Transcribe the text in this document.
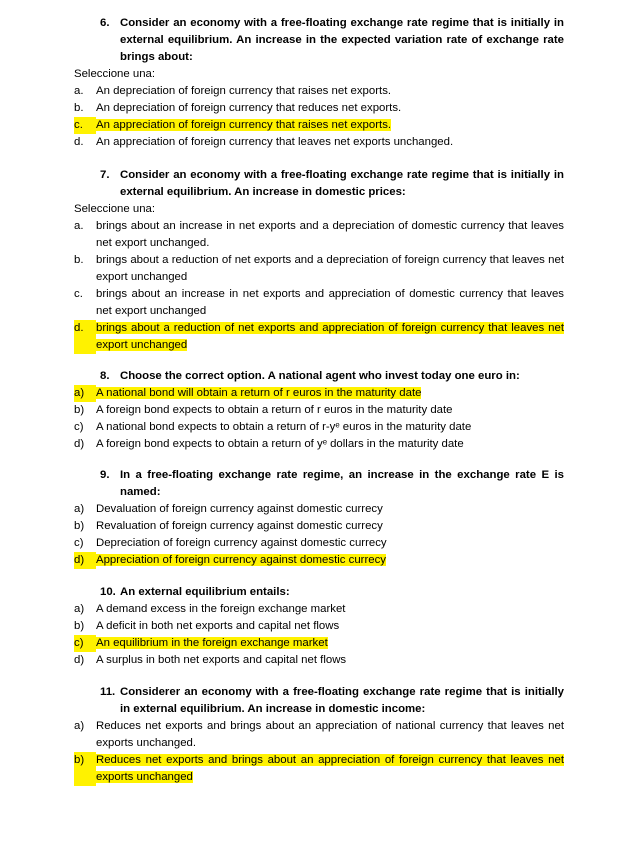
6. Consider an economy with a free-floating exchange rate regime that is initially in external equilibrium. An increase in the expected variation rate of exchange rate brings about:
Seleccione una:
a.	An depreciation of foreign currency that raises net exports.
b.	An depreciation of foreign currency that reduces net exports.
c.	An appreciation of foreign currency that raises net exports.
d.	An appreciation of foreign currency that leaves net exports unchanged.
7. Consider an economy with a free-floating exchange rate regime that is initially in external equilibrium. An increase in domestic prices:
Seleccione una:
a.	brings about an increase in net exports and a depreciation of domestic currency that leaves net export unchanged.
b.	brings about a reduction of net exports and a depreciation of foreign currency that leaves net export unchanged
c.	brings about an increase in net exports and appreciation of domestic currency that leaves net export unchanged
d.	brings about a reduction of net exports and appreciation of foreign currency that leaves net export unchanged
8. Choose the correct option. A national agent who invest today one euro in:
a)	A national bond will obtain a return of r euros in the maturity date
b)	A foreign bond expects to obtain a return of r euros in the maturity date
c)	A national bond expects to obtain a return of r-yᵉ euros in the maturity date
d)	A foreign bond expects to obtain a return of yᵉ dollars in the maturity date
9. In a free-floating exchange rate regime, an increase in the exchange rate E is named:
a)	Devaluation of foreign currency against domestic currecy
b)	Revaluation of foreign currency against domestic currecy
c)	Depreciation of foreign currency against domestic currecy
d)	Appreciation of foreign currency against domestic currecy
10. An external equilibrium entails:
a)	A demand excess in the foreign exchange market
b)	A deficit in both net exports and capital net flows
c)	An equilibrium in the foreign exchange market
d)	A surplus in both net exports and capital net flows
11. Considerer an economy with a free-floating exchange rate regime that is initially in external equilibrium. An increase in domestic income:
a)	Reduces net exports and brings about an appreciation of national currency that leaves net exports unchanged.
b)	Reduces net exports and brings about an appreciation of foreign currency that leaves net exports unchanged
